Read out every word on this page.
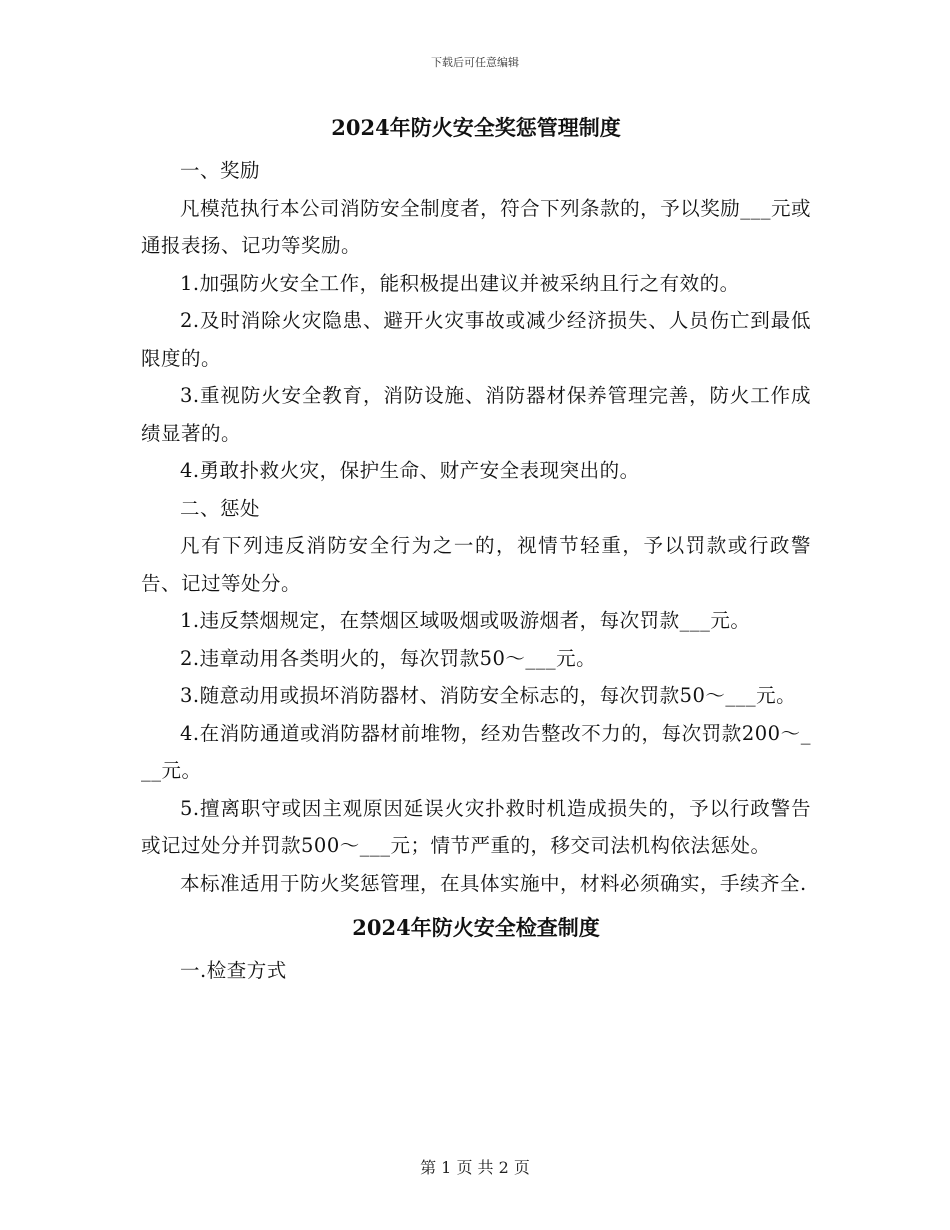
下载后可任意编辑
2024年防火安全奖惩管理制度

一、奖励

凡模范执行本公司消防安全制度者，符合下列条款的，予以奖励___元或通报表扬、记功等奖励。

1.加强防火安全工作，能积极提出建议并被采纳且行之有效的。

2.及时消除火灾隐患、避开火灾事故或减少经济损失、人员伤亡到最低限度的。

3.重视防火安全教育，消防设施、消防器材保养管理完善，防火工作成绩显著的。

4.勇敢扑救火灾，保护生命、财产安全表现突出的。

二、惩处

凡有下列违反消防安全行为之一的，视情节轻重，予以罚款或行政警告、记过等处分。

1.违反禁烟规定，在禁烟区域吸烟或吸游烟者，每次罚款___元。

2.违章动用各类明火的，每次罚款50～___元。

3.随意动用或损坏消防器材、消防安全标志的，每次罚款50～___元。

4.在消防通道或消防器材前堆物，经劝告整改不力的，每次罚款200～___元。

5.擅离职守或因主观原因延误火灾扑救时机造成损失的，予以行政警告或记过处分并罚款500～___元；情节严重的，移交司法机构依法惩处。

本标准适用于防火奖惩管理，在具体实施中，材料必须确实，手续齐全.

2024年防火安全检查制度

一.检查方式

第 1 页 共 2 页
